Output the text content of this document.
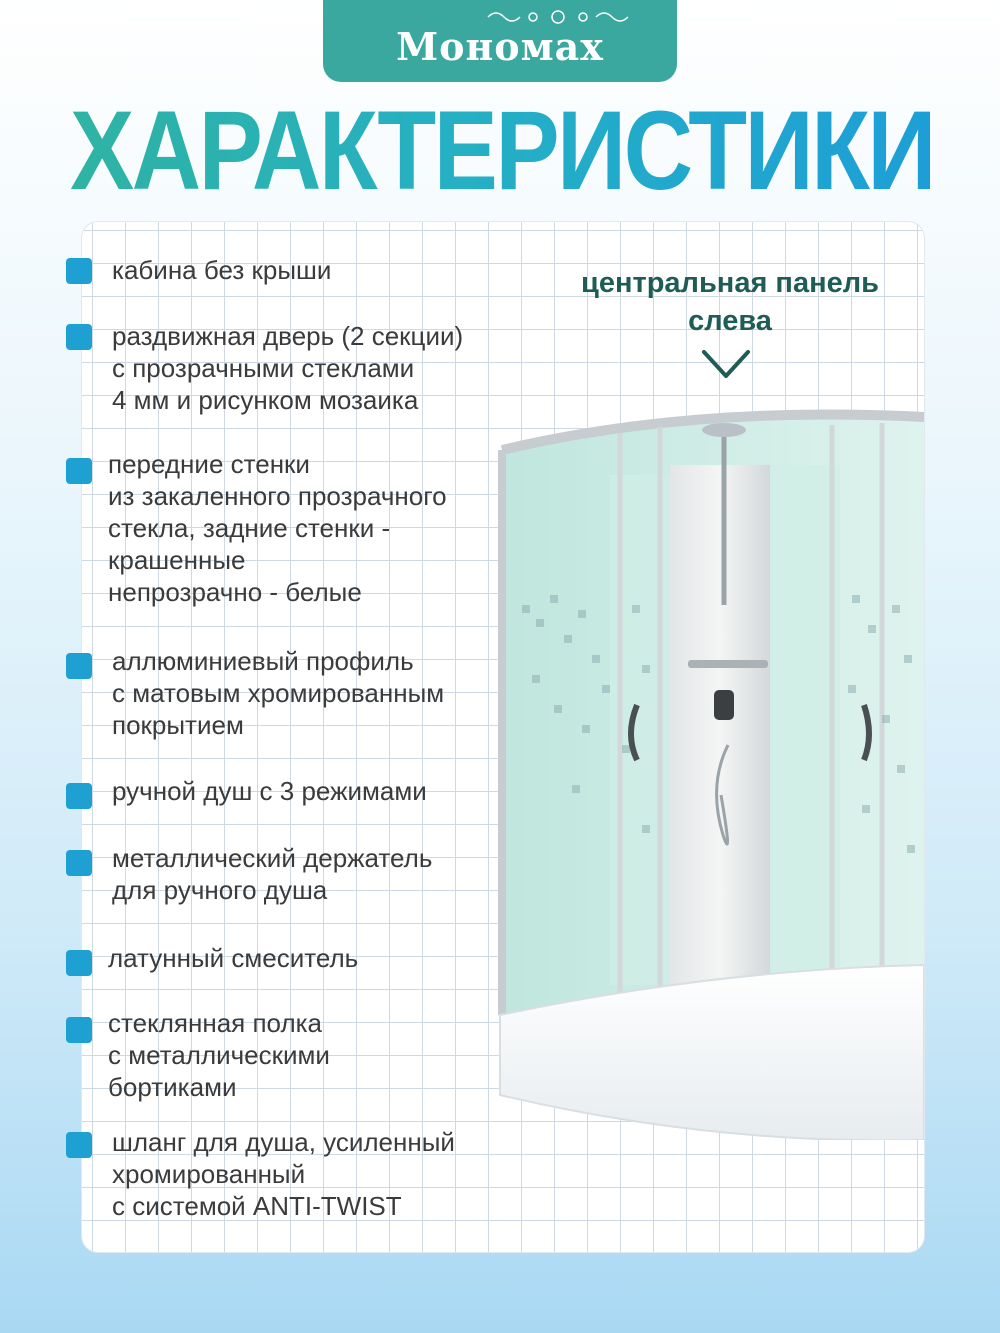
Мономах
ХАРАКТЕРИСТИКИ
кабина без крыши
раздвижная дверь (2 секции)
с прозрачными стеклами
4 мм и рисунком мозаика
передние стенки
из закаленного прозрачного
стекла, задние стенки -
крашенные
непрозрачно - белые
аллюминиевый профиль
с матовым хромированным
покрытием
ручной душ с 3 режимами
металлический держатель
для ручного душа
латунный смеситель
стеклянная полка
с металлическими
бортиками
шланг для душа, усиленный
хромированный
с системой ANTI-TWIST
центральная панель
слева
